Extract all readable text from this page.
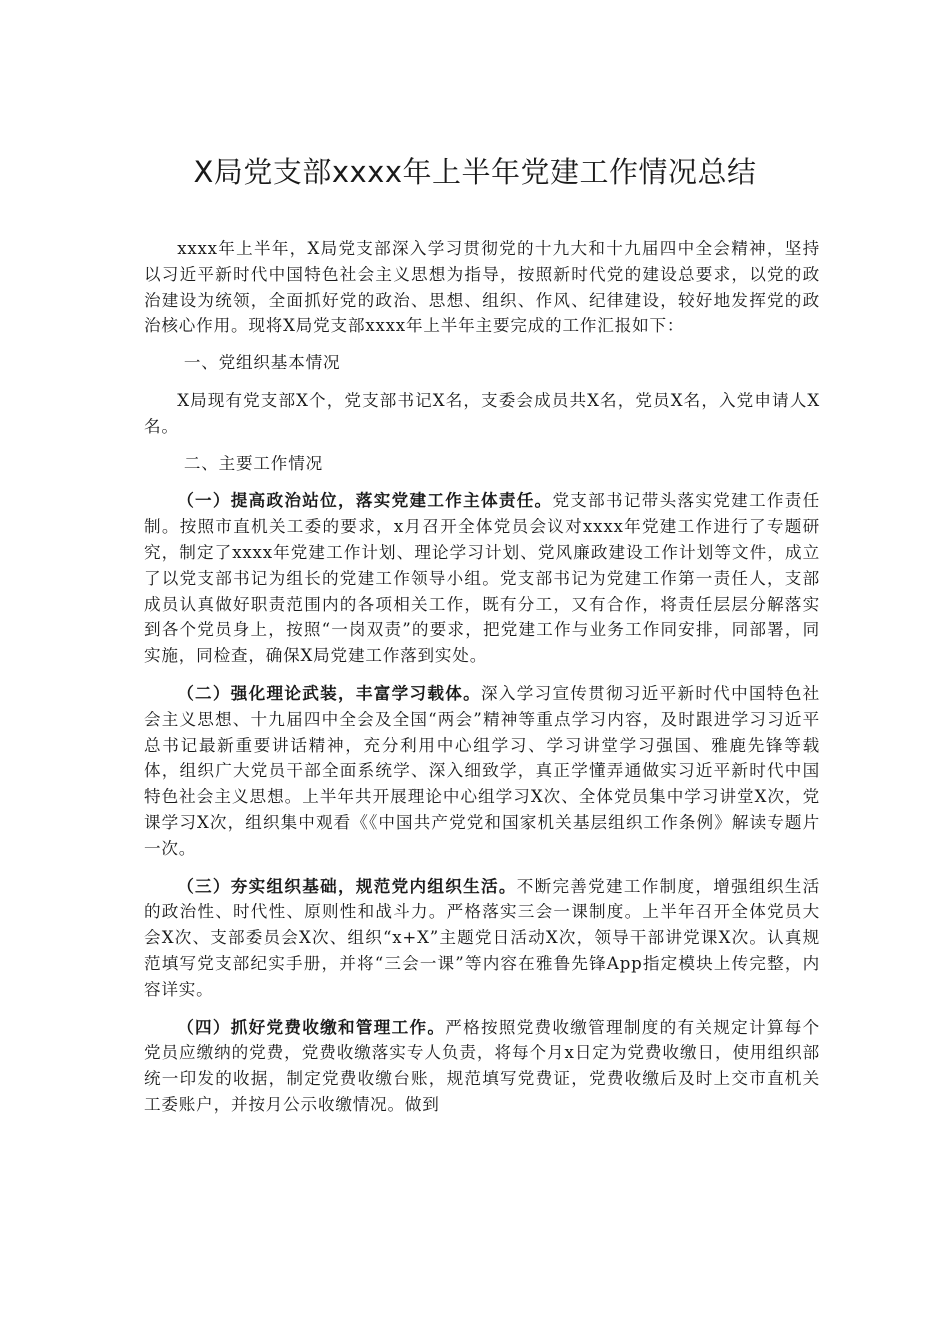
X局党支部xxxx年上半年党建工作情况总结

xxxx年上半年，X局党支部深入学习贯彻党的十九大和十九届四中全会精神，坚持以习近平新时代中国特色社会主义思想为指导，按照新时代党的建设总要求，以党的政治建设为统领，全面抓好党的政治、思想、组织、作风、纪律建设，较好地发挥党的政治核心作用。现将X局党支部xxxx年上半年主要完成的工作汇报如下：

一、党组织基本情况

X局现有党支部X个，党支部书记X名，支委会成员共X名，党员X名，入党申请人X名。

二、主要工作情况

（一）提高政治站位，落实党建工作主体责任。党支部书记带头落实党建工作责任制。按照市直机关工委的要求，x月召开全体党员会议对xxxx年党建工作进行了专题研究，制定了xxxx年党建工作计划、理论学习计划、党风廉政建设工作计划等文件，成立了以党支部书记为组长的党建工作领导小组。党支部书记为党建工作第一责任人，支部成员认真做好职责范围内的各项相关工作，既有分工，又有合作，将责任层层分解落实到各个党员身上，按照“一岗双责”的要求，把党建工作与业务工作同安排，同部署，同实施，同检查，确保X局党建工作落到实处。

（二）强化理论武装，丰富学习载体。深入学习宣传贯彻习近平新时代中国特色社会主义思想、十九届四中全会及全国“两会”精神等重点学习内容，及时跟进学习习近平总书记最新重要讲话精神，充分利用中心组学习、学习讲堂学习强国、雅鹿先锋等载体，组织广大党员干部全面系统学、深入细致学，真正学懂弄通做实习近平新时代中国特色社会主义思想。上半年共开展理论中心组学习X次、全体党员集中学习讲堂X次，党课学习X次，组织集中观看《《中国共产党党和国家机关基层组织工作条例》解读专题片一次。

（三）夯实组织基础，规范党内组织生活。不断完善党建工作制度，增强组织生活的政治性、时代性、原则性和战斗力。严格落实三会一课制度。上半年召开全体党员大会X次、支部委员会X次、组织“x+X”主题党日活动X次，领导干部讲党课X次。认真规范填写党支部纪实手册，并将“三会一课”等内容在雅鲁先锋App指定模块上传完整，内容详实。

（四）抓好党费收缴和管理工作。严格按照党费收缴管理制度的有关规定计算每个党员应缴纳的党费，党费收缴落实专人负责，将每个月x日定为党费收缴日，使用组织部统一印发的收据，制定党费收缴台账，规范填写党费证，党费收缴后及时上交市直机关工委账户，并按月公示收缴情况。做到
